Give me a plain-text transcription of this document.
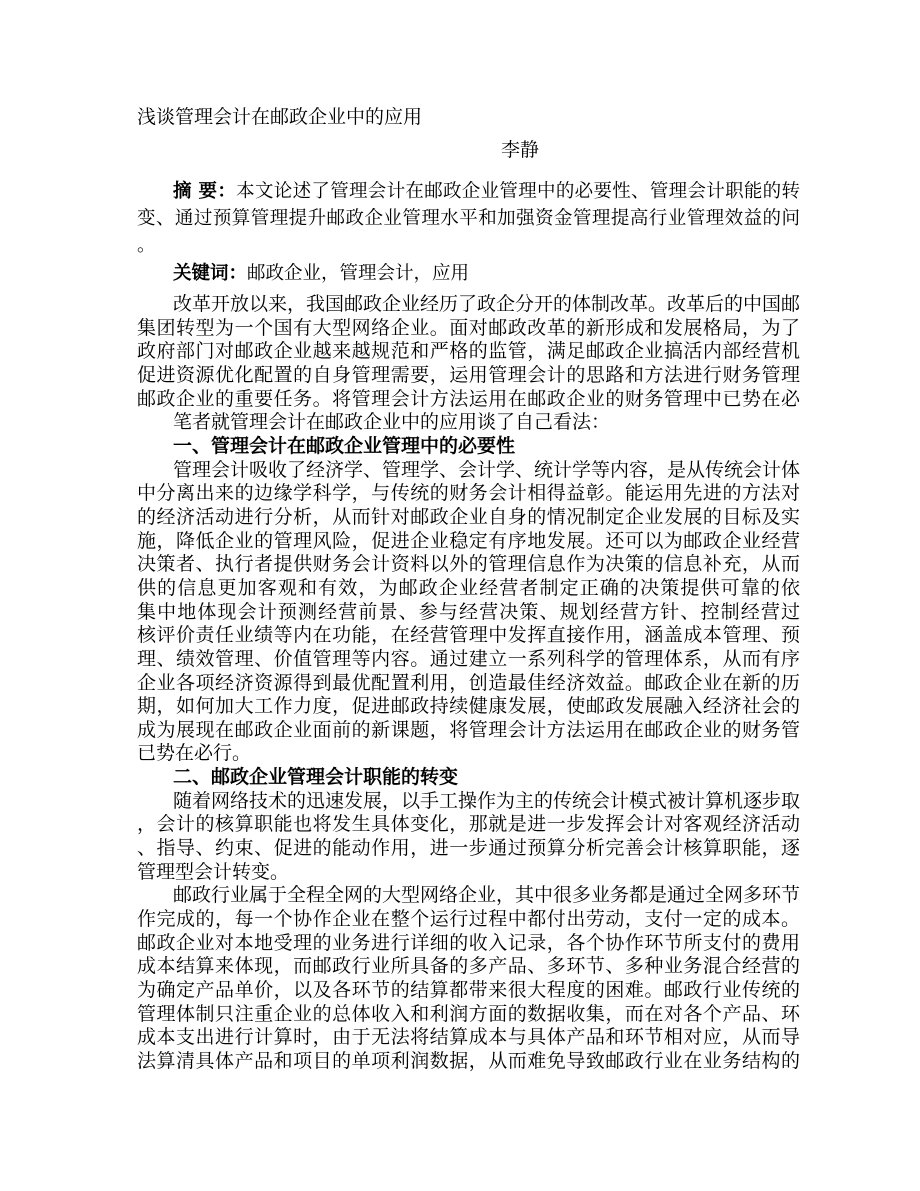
浅谈管理会计在邮政企业中的应用
李静
摘 要：本文论述了管理会计在邮政企业管理中的必要性、管理会计职能的转
变、通过预算管理提升邮政企业管理水平和加强资金管理提高行业管理效益的问
。
关键词：邮政企业，管理会计，应用
改革开放以来，我国邮政企业经历了政企分开的体制改革。改革后的中国邮
集团转型为一个国有大型网络企业。面对邮政改革的新形成和发展格局，为了
政府部门对邮政企业越来越规范和严格的监管，满足邮政企业搞活内部经营机
促进资源优化配置的自身管理需要，运用管理会计的思路和方法进行财务管理
邮政企业的重要任务。将管理会计方法运用在邮政企业的财务管理中已势在必
笔者就管理会计在邮政企业中的应用谈了自己看法：
一、管理会计在邮政企业管理中的必要性
管理会计吸收了经济学、管理学、会计学、统计学等内容，是从传统会计体
中分离出来的边缘学科学，与传统的财务会计相得益彰。能运用先进的方法对
的经济活动进行分析，从而针对邮政企业自身的情况制定企业发展的目标及实
施，降低企业的管理风险，促进企业稳定有序地发展。还可以为邮政企业经营
决策者、执行者提供财务会计资料以外的管理信息作为决策的信息补充，从而
供的信息更加客观和有效，为邮政企业经营者制定正确的决策提供可靠的依
集中地体现会计预测经营前景、参与经营决策、规划经营方针、控制经营过
核评价责任业绩等内在功能，在经营管理中发挥直接作用，涵盖成本管理、预
理、绩效管理、价值管理等内容。通过建立一系列科学的管理体系，从而有序
企业各项经济资源得到最优配置利用，创造最佳经济效益。邮政企业在新的历
期，如何加大工作力度，促进邮政持续健康发展，使邮政发展融入经济社会的
成为展现在邮政企业面前的新课题，将管理会计方法运用在邮政企业的财务管
已势在必行。
二、邮政企业管理会计职能的转变
随着网络技术的迅速发展，以手工操作为主的传统会计模式被计算机逐步取
，会计的核算职能也将发生具体变化，那就是进一步发挥会计对客观经济活动
、指导、约束、促进的能动作用，进一步通过预算分析完善会计核算职能，逐
管理型会计转变。
邮政行业属于全程全网的大型网络企业，其中很多业务都是通过全网多环节
作完成的，每一个协作企业在整个运行过程中都付出劳动，支付一定的成本。
邮政企业对本地受理的业务进行详细的收入记录，各个协作环节所支付的费用
成本结算来体现，而邮政行业所具备的多产品、多环节、多种业务混合经营的
为确定产品单价，以及各环节的结算都带来很大程度的困难。邮政行业传统的
管理体制只注重企业的总体收入和利润方面的数据收集，而在对各个产品、环
成本支出进行计算时，由于无法将结算成本与具体产品和环节相对应，从而导
法算清具体产品和项目的单项利润数据，从而难免导致邮政行业在业务结构的
